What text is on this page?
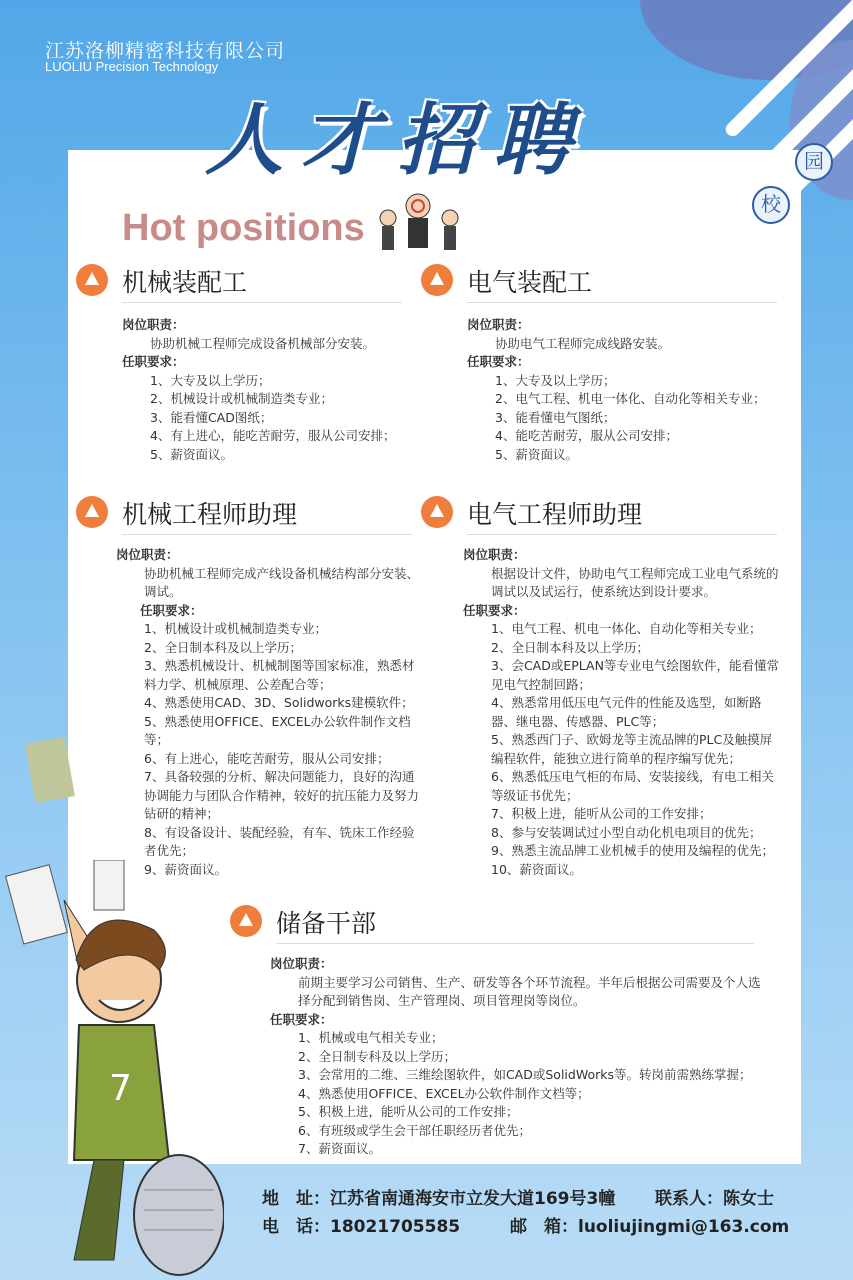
江苏洛柳精密科技有限公司
LUOLIU Precision Technology
人才招聘	园
校
Hot positions
机械装配工
岗位职责：
协助机械工程师完成设备机械部分安装。
任职要求：
1、大专及以上学历；
2、机械设计或机械制造类专业；
3、能看懂CAD图纸；
4、有上进心，能吃苦耐劳，服从公司安排；
5、薪资面议。
电气装配工
岗位职责：
协助电气工程师完成线路安装。
任职要求：
1、大专及以上学历；
2、电气工程、机电一体化、自动化等相关专业；
3、能看懂电气图纸；
4、能吃苦耐劳，服从公司安排；
5、薪资面议。
机械工程师助理
岗位职责：
协助机械工程师完成产线设备机械结构部分安装、调试。
任职要求：
1、机械设计或机械制造类专业；
2、全日制本科及以上学历；
3、熟悉机械设计、机械制图等国家标准，熟悉材料力学、机械原理、公差配合等；
4、熟悉使用CAD、3D、Solidworks建模软件；
5、熟悉使用OFFICE、EXCEL办公软件制作文档等；
6、有上进心，能吃苦耐劳，服从公司安排；
7、具备较强的分析、解决问题能力，良好的沟通协调能力与团队合作精神，较好的抗压能力及努力钻研的精神；
8、有设备设计、装配经验，有车、铣床工作经验者优先；
9、薪资面议。
电气工程师助理
岗位职责：
根据设计文件，协助电气工程师完成工业电气系统的调试以及试运行，使系统达到设计要求。
任职要求：
1、电气工程、机电一体化、自动化等相关专业；
2、全日制本科及以上学历；
3、会CAD或EPLAN等专业电气绘图软件，能看懂常见电气控制回路；
4、熟悉常用低压电气元件的性能及选型，如断路器、继电器、传感器、PLC等；
5、熟悉西门子、欧姆龙等主流品牌的PLC及触摸屏编程软件，能独立进行简单的程序编写优先；
6、熟悉低压电气柜的布局、安装接线，有电工相关等级证书优先；
7、积极上进，能听从公司的工作安排；
8、参与安装调试过小型自动化机电项目的优先；
9、熟悉主流品牌工业机械手的使用及编程的优先；
10、薪资面议。
储备干部
岗位职责：
前期主要学习公司销售、生产、研发等各个环节流程。半年后根据公司需要及个人选择分配到销售岗、生产管理岗、项目管理岗等岗位。
任职要求：
1、机械或电气相关专业；
2、全日制专科及以上学历；
3、会常用的二维、三维绘图软件，如CAD或SolidWorks等。转岗前需熟练掌握；
4、熟悉使用OFFICE、EXCEL办公软件制作文档等；
5、积极上进，能听从公司的工作安排；
6、有班级或学生会干部任职经历者优先；
7、薪资面议。
7
地　址：江苏省南通海安市立发大道169号3幢 联系人：陈女士
电　话：18021705585	邮　箱：luoliujingmi@163.com
